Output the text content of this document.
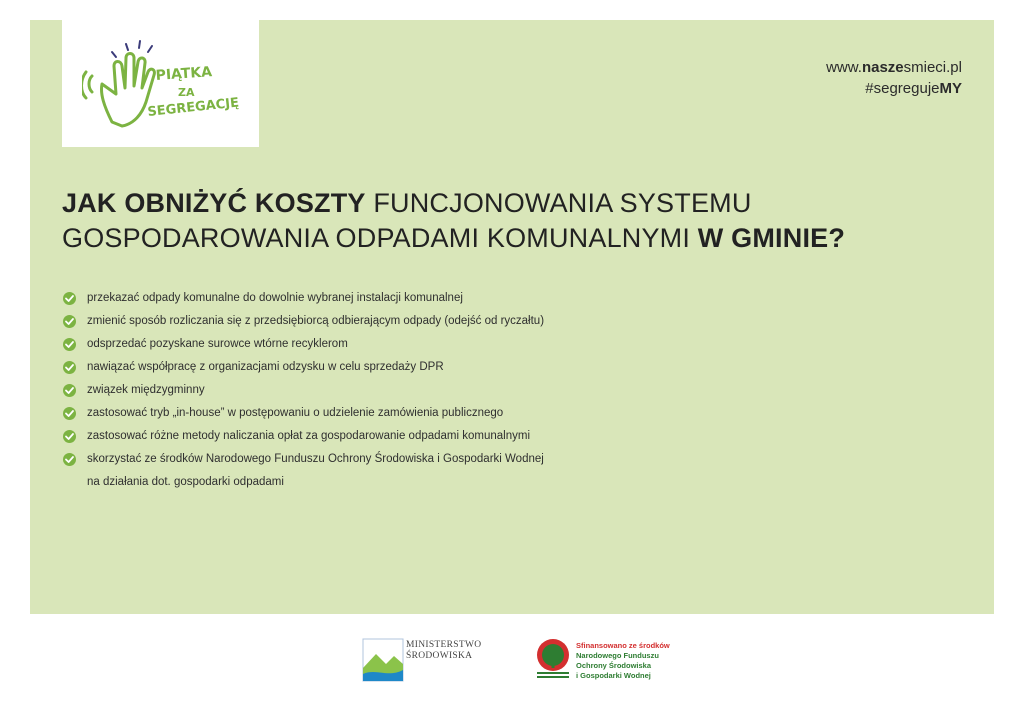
PIĄTKA
ZA
SEGREGACJĘ
www.naszesmieci.pl
#segregujeMY
JAK OBNIŻYĆ KOSZTY FUNCJONOWANIA SYSTEMU
GOSPODAROWANIA ODPADAMI KOMUNALNYMI W GMINIE?
przekazać odpady komunalne do dowolnie wybranej instalacji komunalnej
zmienić sposób rozliczania się z przedsiębiorcą odbierającym odpady (odejść od ryczałtu)
odsprzedać pozyskane surowce wtórne recyklerom
nawiązać współpracę z organizacjami odzysku w celu sprzedaży DPR
związek międzygminny
zastosować tryb „in-house” w postępowaniu o udzielenie zamówienia publicznego
zastosować różne metody naliczania opłat za gospodarowanie odpadami komunalnymi
skorzystać ze środków Narodowego Funduszu Ochrony Środowiska i Gospodarki Wodnej
na działania dot. gospodarki odpadami
MINISTERSTWO
ŚRODOWISKA
Sfinansowano ze środków
Narodowego Funduszu
Ochrony Środowiska
i Gospodarki Wodnej
